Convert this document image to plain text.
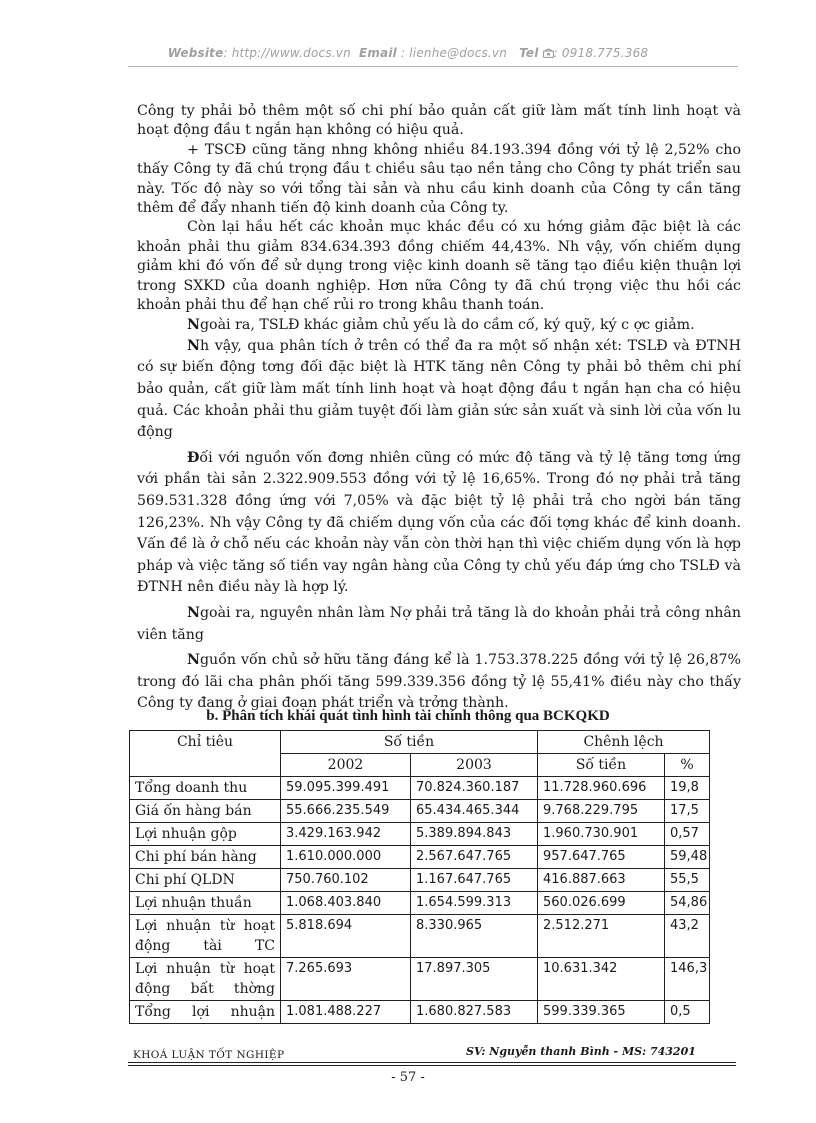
Website: http://www.docs.vn Email : lienhe@docs.vn Tel : 0918.775.368

Công ty phải bỏ thêm một số chi phí bảo quản cất giữ làm mất tính linh hoạt và hoạt động đầu t ngắn hạn không có hiệu quả.

+ TSCĐ cũng tăng nhng không nhiều 84.193.394 đồng với tỷ lệ 2,52% cho thấy Công ty đã chú trọng đầu t chiều sâu tạo nền tảng cho Công ty phát triển sau này. Tốc độ này so với tổng tài sản và nhu cầu kinh doanh của Công ty cần tăng thêm để đẩy nhanh tiến độ kinh doanh của Công ty.

Còn lại hầu hết các khoản mục khác đều có xu hớng giảm đặc biệt là các khoản phải thu giảm 834.634.393 đồng chiếm 44,43%. Nh vậy, vốn chiếm dụng giảm khi đó vốn để sử dụng trong việc kinh doanh sẽ tăng tạo điều kiện thuận lợi trong SXKD của doanh nghiệp. Hơn nữa Công ty đã chú trọng việc thu hồi các khoản phải thu để hạn chế rủi ro trong khâu thanh toán.

Ngoài ra, TSLĐ khác giảm chủ yếu là do cầm cố, ký quỹ, ký c ợc giảm.

Nh vậy, qua phân tích ở trên có thể đa ra một số nhận xét: TSLĐ và ĐTNH có sự biến động tơng đối đặc biệt là HTK tăng nên Công ty phải bỏ thêm chi phí bảo quản, cất giữ làm mất tính linh hoạt và hoạt động đầu t ngắn hạn cha có hiệu quả. Các khoản phải thu giảm tuyệt đối làm giản sức sản xuất và sinh lời của vốn lu động

Đối với nguồn vốn đơng nhiên cũng có mức độ tăng và tỷ lệ tăng tơng ứng với phần tài sản 2.322.909.553 đồng với tỷ lệ 16,65%. Trong đó nợ phải trả tăng 569.531.328 đồng ứng với 7,05% và đặc biệt tỷ lệ phải trả cho ngời bán tăng 126,23%. Nh vậy Công ty đã chiếm dụng vốn của các đối tợng khác để kinh doanh. Vấn đề là ở chỗ nếu các khoản này vẫn còn thời hạn thì việc chiếm dụng vốn là hợp pháp và việc tăng số tiền vay ngân hàng của Công ty chủ yếu đáp ứng cho TSLĐ và ĐTNH nên điều này là hợp lý.

Ngoài ra, nguyên nhân làm Nợ phải trả tăng là do khoản phải trả công nhân viên tăng

Nguồn vốn chủ sở hữu tăng đáng kể là 1.753.378.225 đồng với tỷ lệ 26,87% trong đó lãi cha phân phối tăng 599.339.356 đồng tỷ lệ 55,41% điều này cho thấy Công ty đang ở giai đoạn phát triển và trởng thành.

b. Phân tích khái quát tình hình tài chính thông qua BCKQKD
Chỉ tiêu	Số tiền		Chênh lệch	
	2002	2003	Số tiền	%
Tổng doanh thu	59.095.399.491	70.824.360.187	11.728.960.696	19,8
Giá ốn hàng bán	55.666.235.549	65.434.465.344	9.768.229.795	17,5
Lợi nhuận gộp	3.429.163.942	5.389.894.843	1.960.730.901	0,57
Chi phí bán hàng	1.610.000.000	2.567.647.765	957.647.765	59,48
Chi phí QLDN	750.760.102	1.167.647.765	416.887.663	55,5
Lợi nhuận thuần	1.068.403.840	1.654.599.313	560.026.699	54,86
Lợi nhuận từ hoạt động tài TC	5.818.694	8.330.965	2.512.271	43,2
Lợi nhuận từ hoạt động bất thờng	7.265.693	17.897.305	10.631.342	146,3
Tổng lợi nhuận	1.081.488.227	1.680.827.583	599.339.365	0,5
KHOÁ LUẬN TỐT NGHIỆP	SV: Nguyễn thanh Bình - MS: 743201
- 57 -
